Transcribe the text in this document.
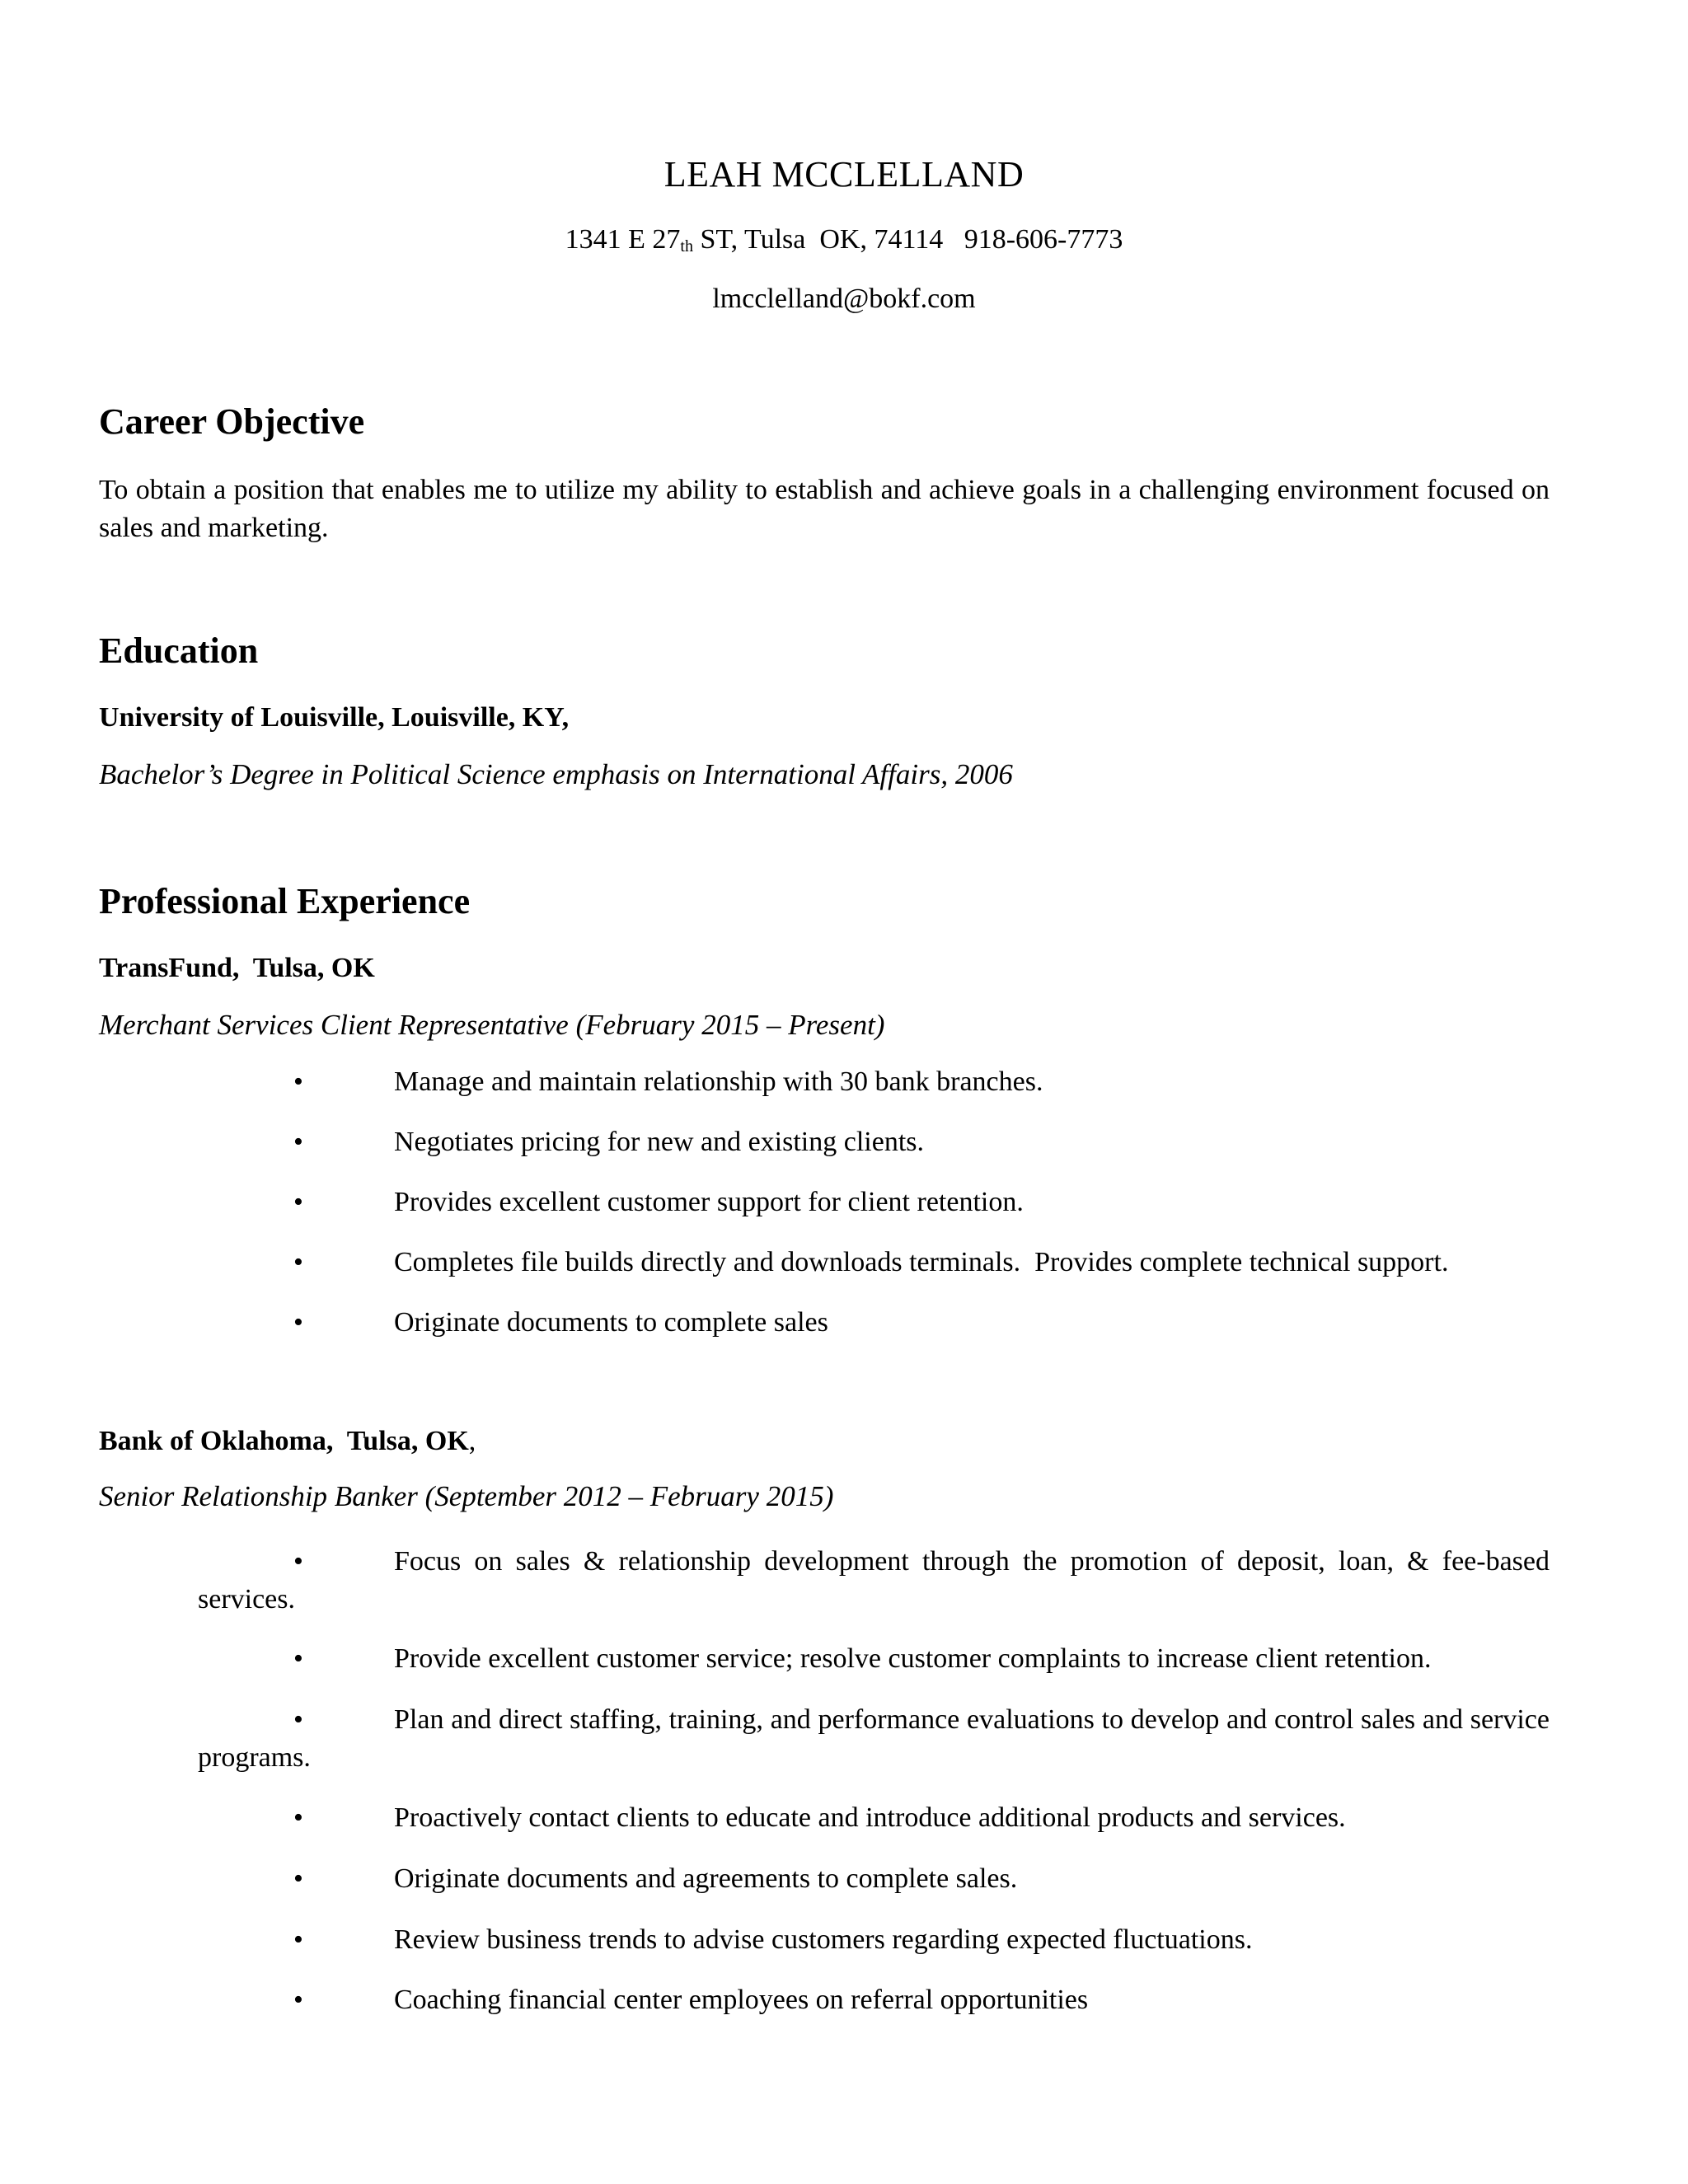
LEAH MCCLELLAND
1341 E 27th ST, Tulsa  OK, 74114   918-606-7773
lmcclelland@bokf.com
Career Objective
To obtain a position that enables me to utilize my ability to establish and achieve goals in a challenging environment focused on sales and marketing.
Education
University of Louisville, Louisville, KY,
Bachelor’s Degree in Political Science emphasis on International Affairs, 2006
Professional Experience
TransFund,  Tulsa, OK
Merchant Services Client Representative (February 2015 – Present)
•	Manage and maintain relationship with 30 bank branches.
•	Negotiates pricing for new and existing clients.
•	Provides excellent customer support for client retention.
•	Completes file builds directly and downloads terminals.  Provides complete technical support.
•	Originate documents to complete sales
Bank of Oklahoma,  Tulsa, OK,
Senior Relationship Banker (September 2012 – February 2015)
•	Focus on sales & relationship development through the promotion of deposit, loan, & fee-based services.
•	Provide excellent customer service; resolve customer complaints to increase client retention.
•	Plan and direct staffing, training, and performance evaluations to develop and control sales and service programs.
•	Proactively contact clients to educate and introduce additional products and services.
•	Originate documents and agreements to complete sales.
•	Review business trends to advise customers regarding expected fluctuations.
•	Coaching financial center employees on referral opportunities
